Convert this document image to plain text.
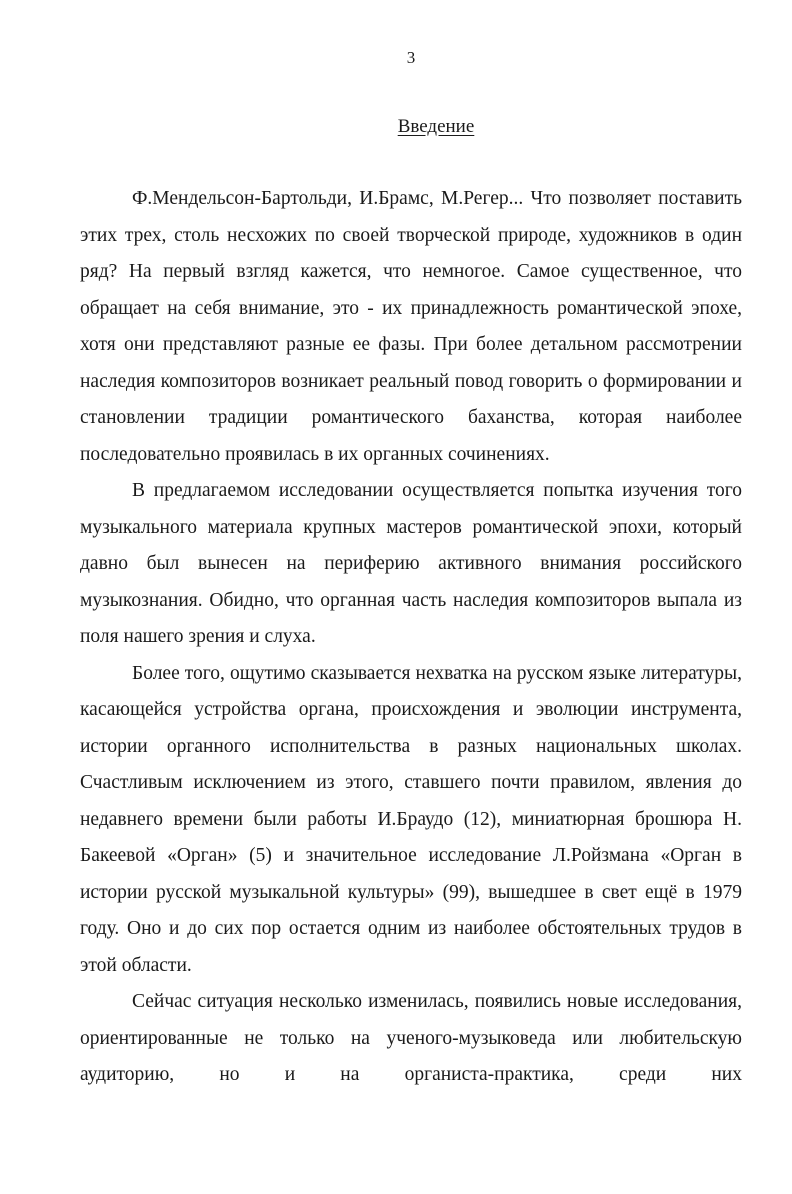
3
Введение

Ф.Мендельсон-Бартольди, И.Брамс, М.Регер... Что позволяет поставить этих трех, столь несхожих по своей творческой природе, художников в один ряд? На первый взгляд кажется, что немногое. Самое существенное, что обращает на себя внимание, это - их принадлежность романтической эпохе, хотя они представляют разные ее фазы. При более детальном рассмотрении наследия композиторов возникает реальный повод говорить о формировании и становлении традиции романтического баханства, которая наиболее последовательно проявилась в их органных сочинениях.

В предлагаемом исследовании осуществляется попытка изучения того музыкального материала крупных мастеров романтической эпохи, который давно был вынесен на периферию активного внимания российского музыкознания. Обидно, что органная часть наследия композиторов выпала из поля нашего зрения и слуха.

Более того, ощутимо сказывается нехватка на русском языке литературы, касающейся устройства органа, происхождения и эволюции инструмента, истории органного исполнительства в разных национальных школах. Счастливым исключением из этого, ставшего почти правилом, явления до недавнего времени были работы И.Браудо (12), миниатюрная брошюра Н. Бакеевой «Орган» (5) и значительное исследование Л.Ройзмана «Орган в истории русской музыкальной культуры» (99), вышедшее в свет ещё в 1979 году. Оно и до сих пор остается одним из наиболее обстоятельных трудов в этой области.

Сейчас ситуация несколько изменилась, появились новые исследования, ориентированные не только на ученого-музыковеда или любительскую аудиторию, но и на органиста-практика, среди них
